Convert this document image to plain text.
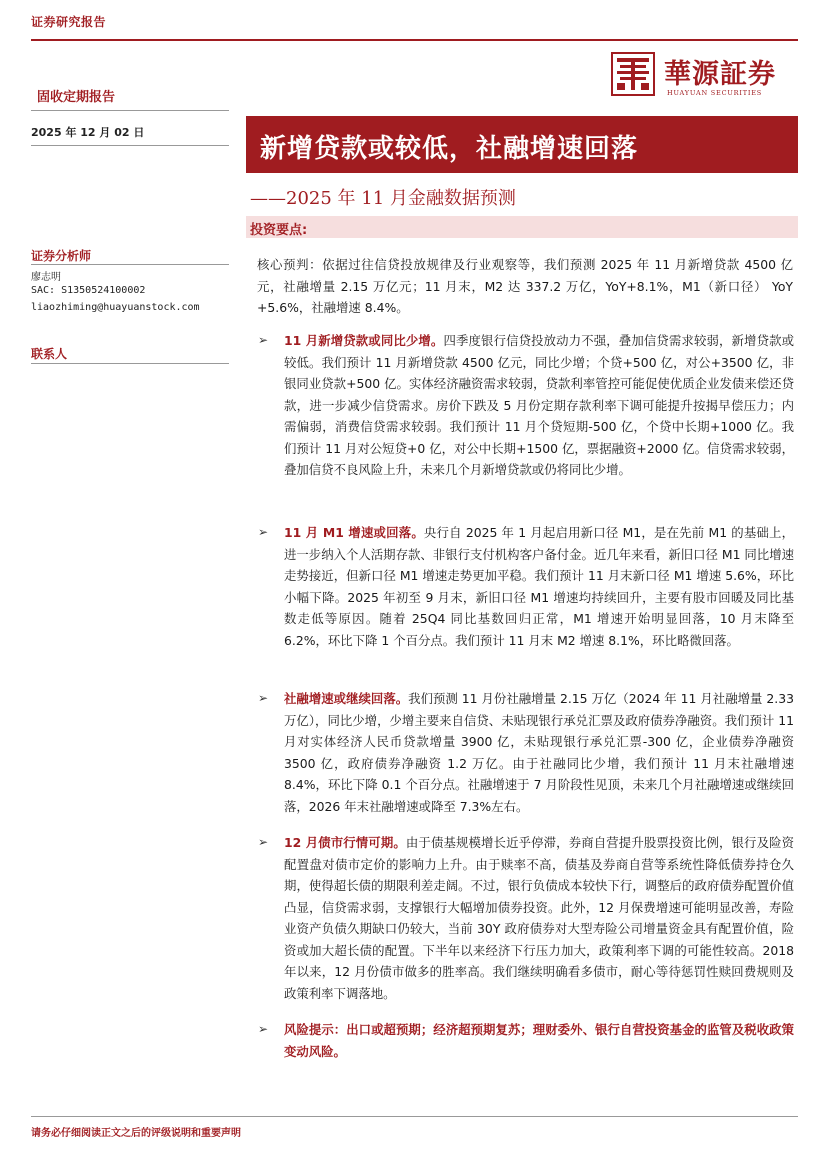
证券研究报告
華源証券
HUAYUAN SECURITIES
固收定期报告
2025 年 12 月 02 日
新增贷款或较低，社融增速回落
——2025 年 11 月金融数据预测
投资要点:
证券分析师
廖志明
SAC: S1350524100002
liaozhiming@huayuanstock.com
联系人
核心预判：依据过往信贷投放规律及行业观察等，我们预测 2025 年 11 月新增贷款 4500 亿元，社融增量 2.15 万亿元；11 月末，M2 达 337.2 万亿，YoY+8.1%，M1（新口径） YoY +5.6%，社融增速 8.4%。
➢ 11 月新增贷款或同比少增。四季度银行信贷投放动力不强，叠加信贷需求较弱，新增贷款或较低。我们预计 11 月新增贷款 4500 亿元，同比少增；个贷+500 亿，对公+3500 亿，非银同业贷款+500 亿。实体经济融资需求较弱，贷款利率管控可能促使优质企业发债来偿还贷款，进一步减少信贷需求。房价下跌及 5 月份定期存款利率下调可能提升按揭早偿压力；内需偏弱，消费信贷需求较弱。我们预计 11 月个贷短期-500 亿，个贷中长期+1000 亿。我们预计 11 月对公短贷+0 亿，对公中长期+1500 亿，票据融资+2000 亿。信贷需求较弱，叠加信贷不良风险上升，未来几个月新增贷款或仍将同比少增。
➢ 11 月 M1 增速或回落。央行自 2025 年 1 月起启用新口径 M1，是在先前 M1 的基础上，进一步纳入个人活期存款、非银行支付机构客户备付金。近几年来看，新旧口径 M1 同比增速走势接近，但新口径 M1 增速走势更加平稳。我们预计 11 月末新口径 M1 增速 5.6%，环比小幅下降。2025 年初至 9 月末，新旧口径 M1 增速均持续回升，主要有股市回暖及同比基数走低等原因。随着 25Q4 同比基数回归正常，M1 增速开始明显回落，10 月末降至 6.2%，环比下降 1 个百分点。我们预计 11 月末 M2 增速 8.1%，环比略微回落。
➢ 社融增速或继续回落。我们预测 11 月份社融增量 2.15 万亿（2024 年 11 月社融增量 2.33 万亿），同比少增，少增主要来自信贷、未贴现银行承兑汇票及政府债券净融资。我们预计 11 月对实体经济人民币贷款增量 3900 亿，未贴现银行承兑汇票-300 亿，企业债券净融资 3500 亿，政府债券净融资 1.2 万亿。由于社融同比少增，我们预计 11 月末社融增速 8.4%，环比下降 0.1 个百分点。社融增速于 7 月阶段性见顶，未来几个月社融增速或继续回落，2026 年末社融增速或降至 7.3%左右。
➢ 12 月债市行情可期。由于债基规模增长近乎停滞，券商自营提升股票投资比例，银行及险资配置盘对债市定价的影响力上升。由于赎率不高，债基及券商自营等系统性降低债券持仓久期，使得超长债的期限利差走阔。不过，银行负债成本较快下行，调整后的政府债券配置价值凸显，信贷需求弱，支撑银行大幅增加债券投资。此外，12 月保费增速可能明显改善，寿险业资产负债久期缺口仍较大，当前 30Y 政府债券对大型寿险公司增量资金具有配置价值，险资或加大超长债的配置。下半年以来经济下行压力加大，政策利率下调的可能性较高。2018 年以来，12 月份债市做多的胜率高。我们继续明确看多债市，耐心等待惩罚性赎回费规则及政策利率下调落地。
➢ 风险提示：出口或超预期；经济超预期复苏；理财委外、银行自营投资基金的监管及税收政策变动风险。
请务必仔细阅读正文之后的评级说明和重要声明
